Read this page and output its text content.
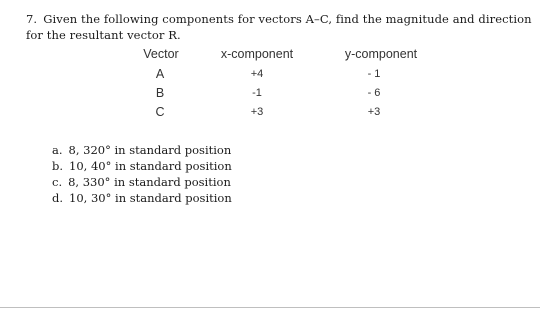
7. Given the following components for vectors A–C, find the magnitude and direction for the resultant vector R.
Vector	x-component	y-component
A	+4	- 1
B	-1	- 6
C	+3	+3
a. 8, 320° in standard position
b. 10, 40° in standard position
c. 8, 330° in standard position
d. 10, 30° in standard position
